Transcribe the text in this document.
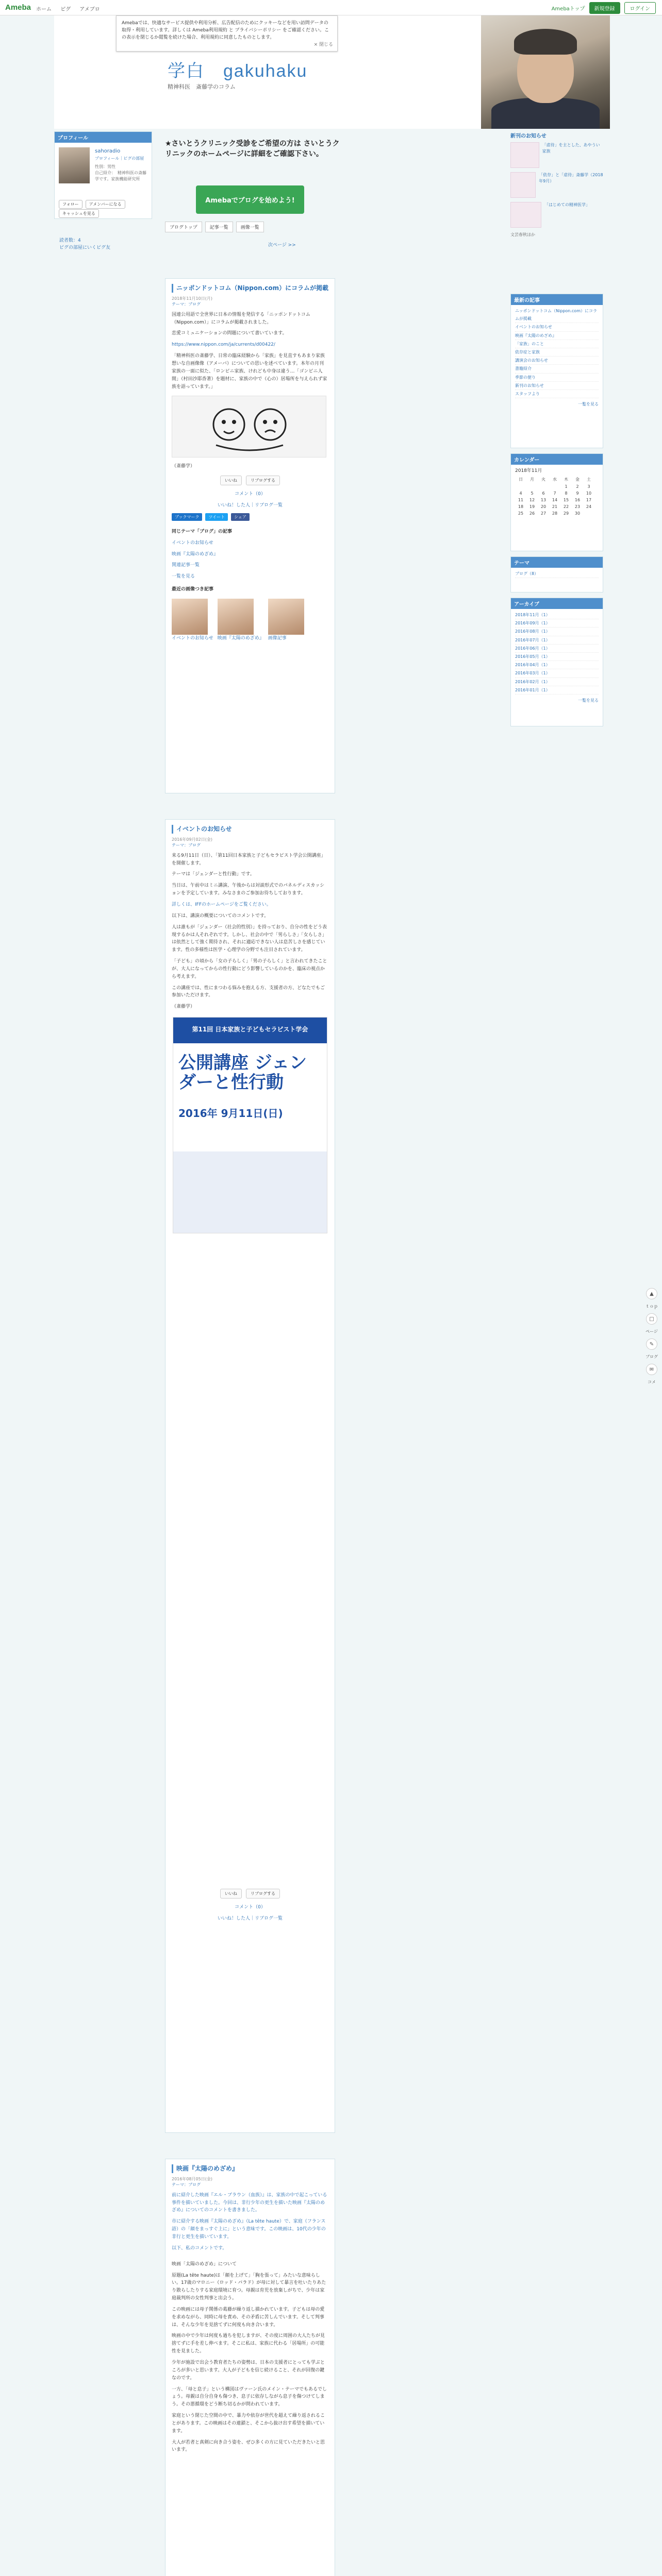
Ameba ホーム ピグ アメブロ	Amebaトップ	新規登録	ログイン
学白　gakuhaku
精神科医　斎藤学のコラム
Amebaでは、快適なサービス提供や利用分析、広告配信のためにクッキーなどを用い訪問データの取得・利用しています。詳しくは Ameba利用規約 と プライバシーポリシー をご確認ください。この表示を閉じるか閲覧を続けた場合、利用規約に同意したものとします。
× 閉じる
プロフィール
sahoradio
プロフィール｜ピグの部屋
性別：男性
自己紹介：　精神科医の斎藤　学です。家族機能研究所
フォロー	アメンバーになる
キャッシュを見る
読者数：4
ピグの部屋にいくピグ友
★さいとうクリニック受診をご希望の方は さいとうクリニックのホームページに詳細をご確認下さい。
Amebaでブログを始めよう!
ブログトップ	記事一覧	画像一覧
次ページ >>
ニッポンドットコム（Nippon.com）にコラムが掲載
2018年11月10日(月)
テーマ：ブログ

国連公用語で全世界に日本の情報を発信する「ニッポンドットコム（Nippon.com）」にコラムが掲載されました。

恋愛コミュニケーションの問題について書いています。

https://www.nippon.com/ja/currents/d00422/

「精神科医の斎藤学、日常の臨床経験から「家族」を見直すもあまり家族想いな自画像像（アメーバ）についての思いを述べています。本年の月刊家族の一面に似た、「ロンビニ家族、けれども中身は違う…「ゴンビニ人間」（村田沙耶香著）を題材に、家族の中で（心の）居場所を与えられず家族を語っています。」

（斎藤学）

いいね	リブログする

コメント（0）

いいね！した人｜リブログ一覧

ブックマーク	ツイート	シェア

同じテーマ「ブログ」の記事

イベントのお知らせ

映画『太陽のめざめ』

関連記事一覧

一覧を見る

最近の画像つき記事

イベントのお知らせ 映画『太陽のめざめ』 画像記事

イベントのお知らせ
2016年09月02日(金)
テーマ：ブログ

来る9月11日（日）、「第11回日本家族と子どもセラピスト学会公開講座」を開催します。

テーマは「ジェンダーと性行動」です。

当日は、午前中はミニ講演、午後からは対談形式でのパネルディスカッションを予定しています。みなさまのご参加お待ちしております。

詳しくは、IFFのホームページをご覧ください。

以下は、講演の概要についてのコメントです。

人は誰もが「ジェンダー（社会的性別）」を持っており、自分の性をどう表現するかは人それぞれです。しかし、社会の中で「男らしさ」「女らしさ」は依然として強く期待され、それに適応できない人は息苦しさを感じています。性の多様性は医学・心理学の分野でも注目されています。

「子ども」の頃から「女の子らしく」「男の子らしく」と言われてきたことが、大人になってからの性行動にどう影響しているのかを、臨床の視点から考えます。

この講座では、性にまつわる悩みを抱える方、支援者の方、どなたでもご参加いただけます。

（斎藤学）

第11回 日本家族と子どもセラピスト学会
公開講座 ジェンダーと性行動
2016年 9月11日(日)
いいね	リブログする

コメント（0）

いいね！した人｜リブログ一覧

映画『太陽のめざめ』
2016年08月05日(金)
テーマ：ブログ

前に紹介した映画『エル・ブラウン（血族）』は、家族の中で起こっている事件を描いていました。今回は、非行少年の更生を描いた映画『太陽のめざめ』についてのコメントを書きました。

市に紹介する映画『太陽のめざめ』（La tête haute）で、家庭（フランス語）の「顔をまっすぐ上に」という意味です。この映画は、10代の少年の非行と更生を描いています。

以下、私のコメントです。

映画「太陽のめざめ」について

原題(La tête haute)は「顔を上げて」「胸を張って」みたいな意味らしい。17歳のマロニー（ロッド・パラド）が母に対して暴言を吐いたりあたり散らしたりする家庭環境に育つ。母親は育児を放棄しがちで、少年は家庭裁判所の女性判事と出会う。

この映画には母子関係の葛藤が繰り返し描かれています。子どもは母の愛を求めながら、同時に母を責め、その矛盾に苦しんでいます。そして判事は、そんな少年を見捨てずに何度も向き合います。

映画の中で少年は何度も過ちを犯しますが、その度に周囲の大人たちが見捨てずに手を差し伸べます。そこに私は、家族に代わる「居場所」の可能性を見ました。

少年が施設で出会う教育者たちの姿勢は、日本の支援者にとっても学ぶところが多いと思います。大人が子どもを信じ続けること、それが回復の鍵なのです。

一方、「母と息子」という構図はヴァーン氏のメイン・テーマでもあるでしょう。母親は自分自身も傷つき、息子に依存しながら息子を傷つけてしまう。その悪循環をどう断ち切るかが問われています。

家庭という閉じた空間の中で、暴力や依存が世代を超えて繰り返されることがあります。この映画はその連鎖と、そこから抜け出す希望を描いています。

大人が若者と真剣に向き合う姿を、ぜひ多くの方に見ていただきたいと思います。

新刊のお知らせ
「虐待」を主とした、あやうい家族
「依存」と「虐待」斎藤学（2018年9月）
「はじめての精神医学」
文芸春秋ほか
最新の記事
ニッポンドットコム（Nippon.com）にコラムが掲載
イベントのお知らせ
映画『太陽のめざめ』
「家族」のこと
依存症と家族
講演会のお知らせ
書籍紹介
季節の便り
新刊のお知らせ
スタッフより
一覧を見る
カレンダー
2018年11月
日	月	火	水	木	金	土
				1	2	3
4	5	6	7	8	9	10
11	12	13	14	15	16	17
18	19	20	21	22	23	24
25	26	27	28	29	30	
テーマ
ブログ（8）
アーカイブ
2018年11月（1）
2016年09月（1）
2016年08月（1）
2016年07月（1）
2016年06月（1）
2016年05月（1）
2016年04月（1）
2016年03月（1）
2016年02月（1）
2016年01月（1）
一覧を見る
▲
ｔｏｐ
□
ページ
✎
ブログ
✉
コメ
